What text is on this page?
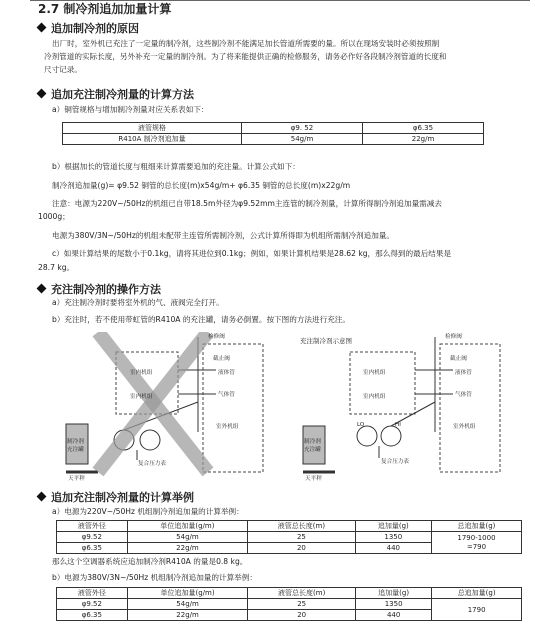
2.7 制冷剂追加加量计算
追加制冷剂的原因
出厂时，室外机已充注了一定量的制冷剂，这些制冷剂不能满足加长管道所需要的量。所以在现场安装时必须按照制
冷剂管道的实际长度，另外补充一定量的制冷剂。为了将来能提供正确的检修服务，请务必作好各段制冷剂管道的长度和
尺寸记录。
追加充注制冷剂量的计算方法
a）铜管规格与增加制冷剂量对应关系表如下：
液管规格	φ9. 52	φ6.35
R410A 制冷剂追加量	54g/m	22g/m
b）根据加长的管道长度与粗细来计算需要追加的充注量。计算公式如下：
制冷剂追加量(g)= φ9.52 铜管的总长度(m)x54g/m+ φ6.35 铜管的总长度(m)x22g/m
注意：电源为220V~/50Hz的机组已自带18.5m外径为φ9.52mm主连管的制冷剂量，计算所得制冷剂追加量需减去
1000g；
电源为380V/3N~/50Hz的机组未配带主连管所需制冷剂，公式计算所得即为机组所需制冷剂追加量。
c）如果计算结果的尾数小于0.1kg，请将其进位到0.1kg；例如，如果计算机结果是28.62 kg，那么得到的最后结果是
28.7 kg。
充注制冷剂的操作方法
a）充注制冷剂时要将室外机的气、液阀完全打开。
b）充注时，若不使用带虹管的R410A 的充注罐，请务必倒置。按下图的方法进行充注。
检修阀
截止阀
室内机组
室内机组
液体管
气体管
室外机组
复合压力表
天平秤
制冷剂充注罐
充注制冷剂示意图	检修阀
截止阀
室内机组
室内机组
液体管
气体管
室外机组
复合压力表
天平秤
制冷剂充注罐
LO	HI
追加充注制冷剂量的计算举例
a）电源为220V~/50Hz 机组制冷剂追加量的计算举例：
液管外径	单位追加量(g/m)	液管总长度(m)	追加量(g)	总追加量(g)
φ9.52	54g/m	25	1350	1790-1000
=790

φ6.35	22g/m	20	440	
那么这个空调器系统应追加制冷剂R410A 的量是0.8 kg。
b）电源为380V/3N~/50Hz 机组制冷剂追加量的计算举例：
液管外径	单位追加量(g/m)	液管总长度(m)	追加量(g)	总追加量(g)
φ9.52	54g/m	25	1350	1790
φ6.35	22g/m	20	440	
